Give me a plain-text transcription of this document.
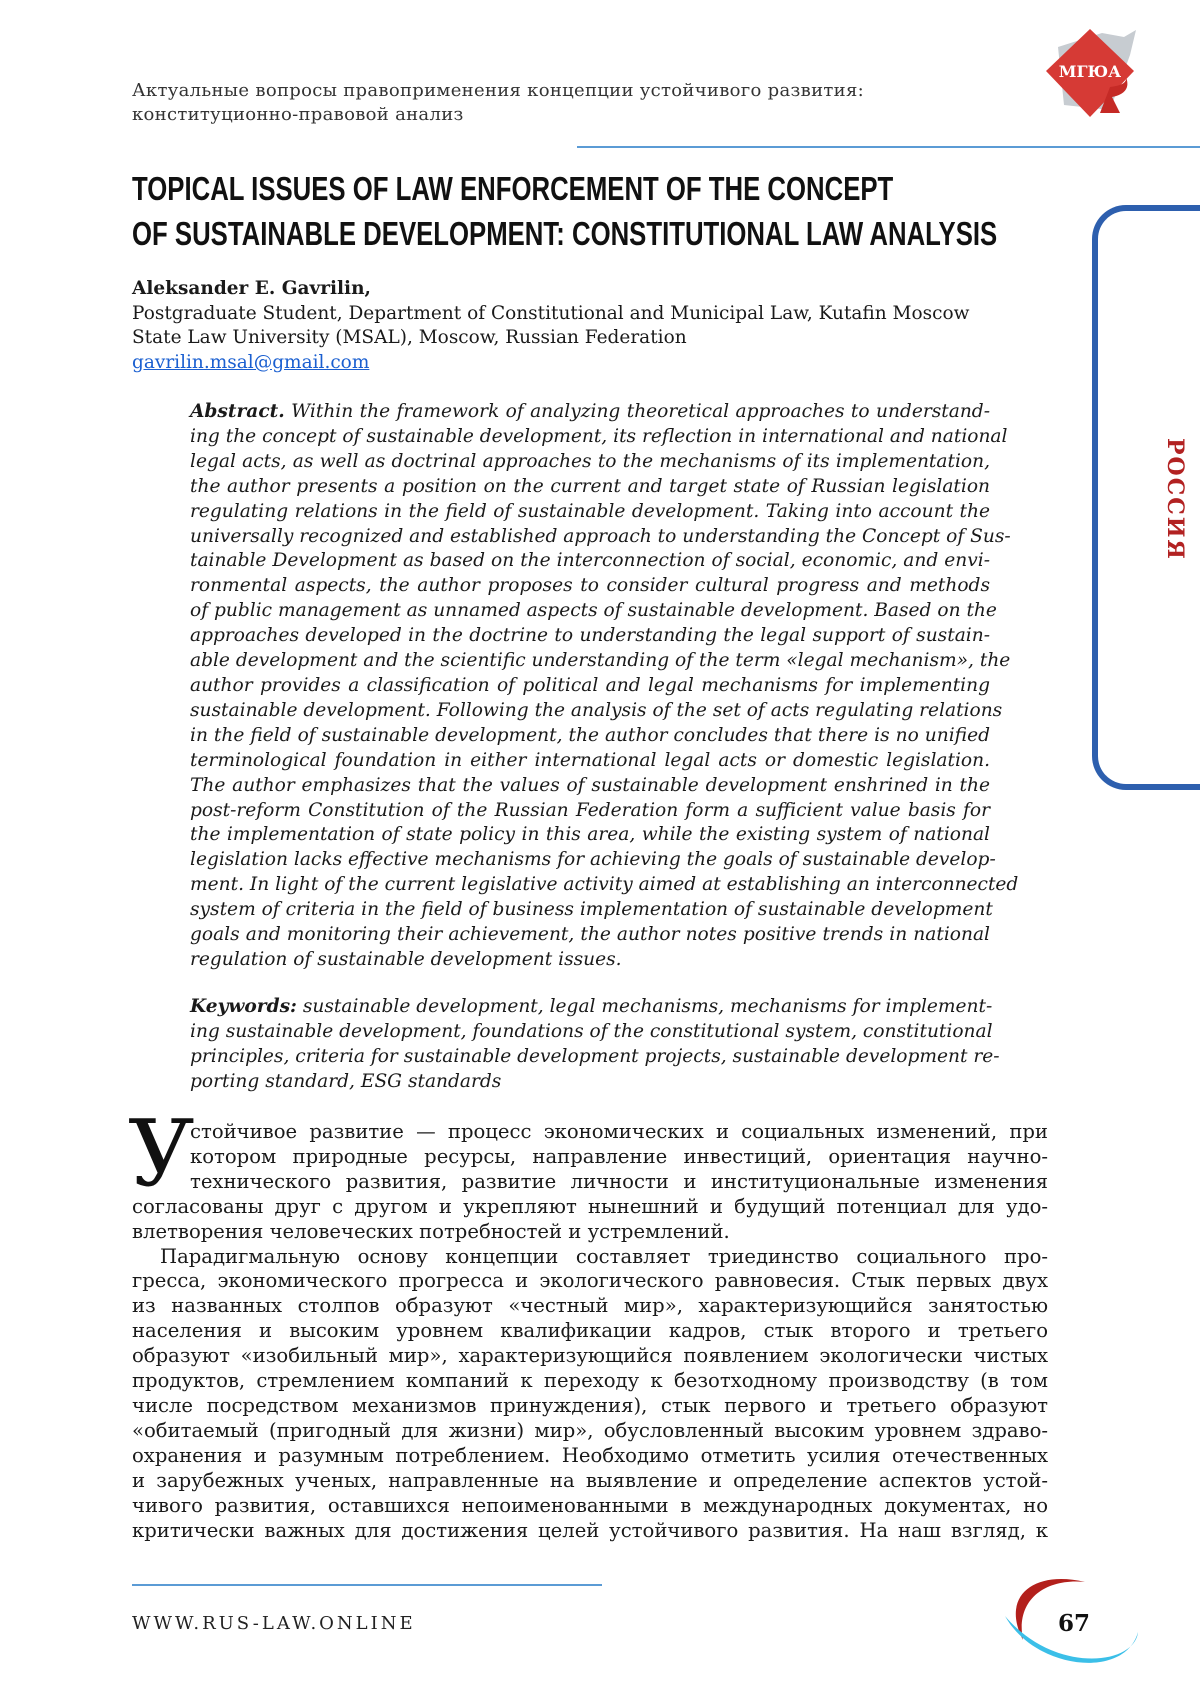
Актуальные вопросы правоприменения концепции устойчивого развития:
конституционно-правовой анализ
МГЮА
РОССИЯ
TOPICAL ISSUES OF LAW ENFORCEMENT OF THE CONCEPT
OF SUSTAINABLE DEVELOPMENT: CONSTITUTIONAL LAW ANALYSIS
Aleksander E. Gavrilin,
Postgraduate Student, Department of Constitutional and Municipal Law, Kutafin Moscow
State Law University (MSAL), Moscow, Russian Federation
gavrilin.msal@gmail.com
Abstract. Within the framework of analyzing theoretical approaches to understand-
ing the concept of sustainable development, its reflection in international and national
legal acts, as well as doctrinal approaches to the mechanisms of its implementation,
the author presents a position on the current and target state of Russian legislation
regulating relations in the field of sustainable development. Taking into account the
universally recognized and established approach to understanding the Concept of Sus-
tainable Development as based on the interconnection of social, economic, and envi-
ronmental aspects, the author proposes to consider cultural progress and methods
of public management as unnamed aspects of sustainable development. Based on the
approaches developed in the doctrine to understanding the legal support of sustain-
able development and the scientific understanding of the term «legal mechanism», the
author provides a classification of political and legal mechanisms for implementing
sustainable development. Following the analysis of the set of acts regulating relations
in the field of sustainable development, the author concludes that there is no unified
terminological foundation in either international legal acts or domestic legislation.
The author emphasizes that the values of sustainable development enshrined in the
post-reform Constitution of the Russian Federation form a sufficient value basis for
the implementation of state policy in this area, while the existing system of national
legislation lacks effective mechanisms for achieving the goals of sustainable develop-
ment. In light of the current legislative activity aimed at establishing an interconnected
system of criteria in the field of business implementation of sustainable development
goals and monitoring their achievement, the author notes positive trends in national
regulation of sustainable development issues.
Keywords: sustainable development, legal mechanisms, mechanisms for implement-
ing sustainable development, foundations of the constitutional system, constitutional
principles, criteria for sustainable development projects, sustainable development re-
porting standard, ESG standards
У
стойчивое развитие — процесс экономических и социальных изменений, при
котором природные ресурсы, направление инвестиций, ориентация научно-
технического развития, развитие личности и институциональные изменения
согласованы друг с другом и укрепляют нынешний и будущий потенциал для удо-
влетворения человеческих потребностей и устремлений.
Парадигмальную основу концепции составляет триединство социального про-
гресса, экономического прогресса и экологического равновесия. Стык первых двух
из названных столпов образуют «честный мир», характеризующийся занятостью
населения и высоким уровнем квалификации кадров, стык второго и третьего
образуют «изобильный мир», характеризующийся появлением экологически чистых
продуктов, стремлением компаний к переходу к безотходному производству (в том
числе посредством механизмов принуждения), стык первого и третьего образуют
«обитаемый (пригодный для жизни) мир», обусловленный высоким уровнем здраво-
охранения и разумным потреблением. Необходимо отметить усилия отечественных
и зарубежных ученых, направленные на выявление и определение аспектов устой-
чивого развития, оставшихся непоименованными в международных документах, но
критически важных для достижения целей устойчивого развития. На наш взгляд, к
WWW.RUS-LAW.ONLINE	67
